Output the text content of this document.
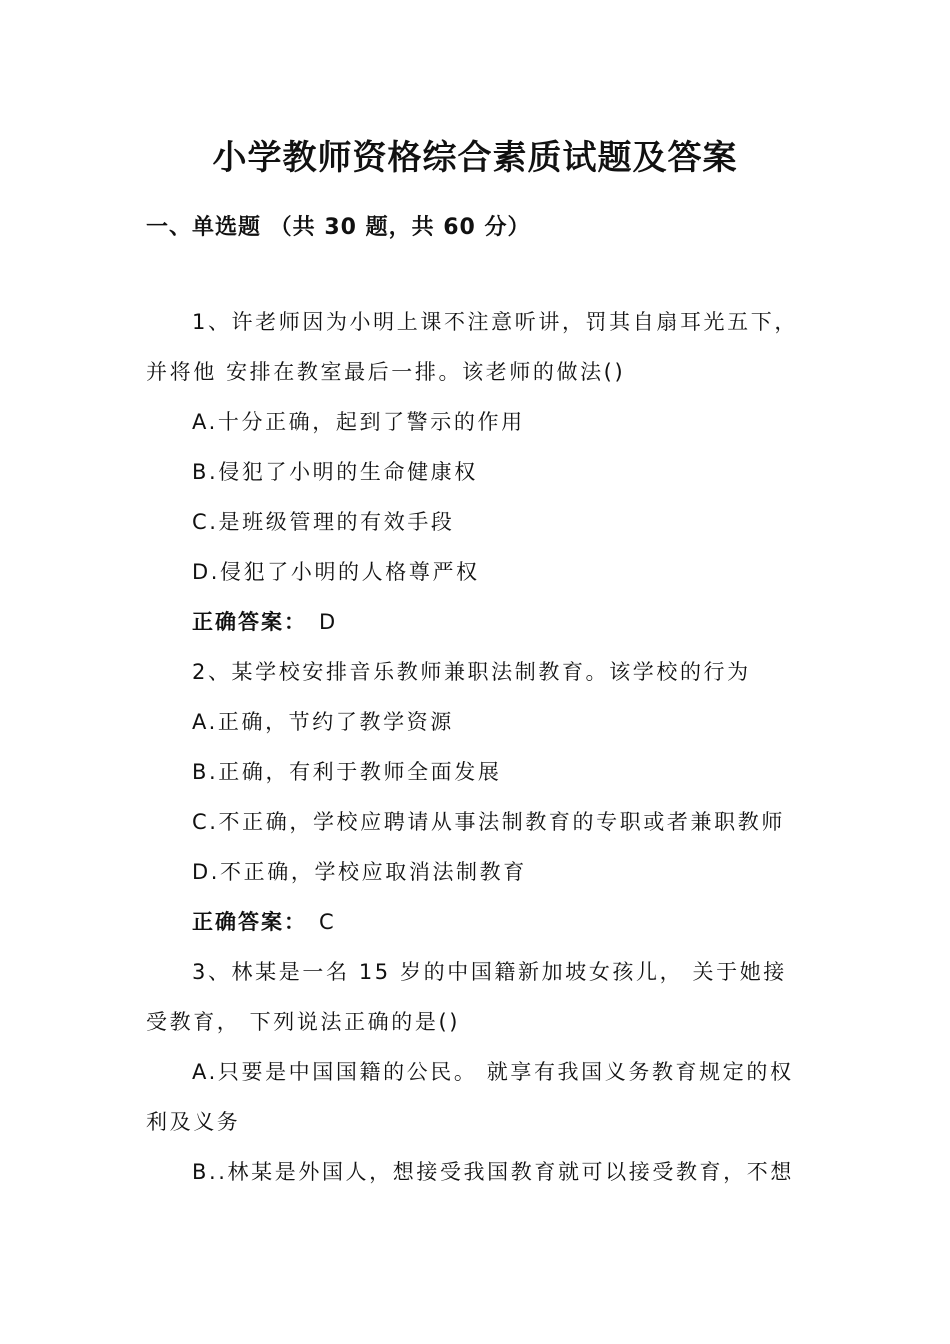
小学教师资格综合素质试题及答案
一、单选题 （共 30 题，共 60 分）
1、许老师因为小明上课不注意听讲，罚其自扇耳光五下，
并将他 安排在教室最后一排。该老师的做法()
A.十分正确，起到了警示的作用
B.侵犯了小明的生命健康权
C.是班级管理的有效手段
D.侵犯了小明的人格尊严权
正确答案： D
2、某学校安排音乐教师兼职法制教育。该学校的行为
A.正确，节约了教学资源
B.正确，有利于教师全面发展
C.不正确，学校应聘请从事法制教育的专职或者兼职教师
D.不正确，学校应取消法制教育
正确答案： C
3、林某是一名 15 岁的中国籍新加坡女孩儿， 关于她接
受教育， 下列说法正确的是()
A.只要是中国国籍的公民。 就享有我国义务教育规定的权
利及义务
B..林某是外国人，想接受我国教育就可以接受教育，不想
